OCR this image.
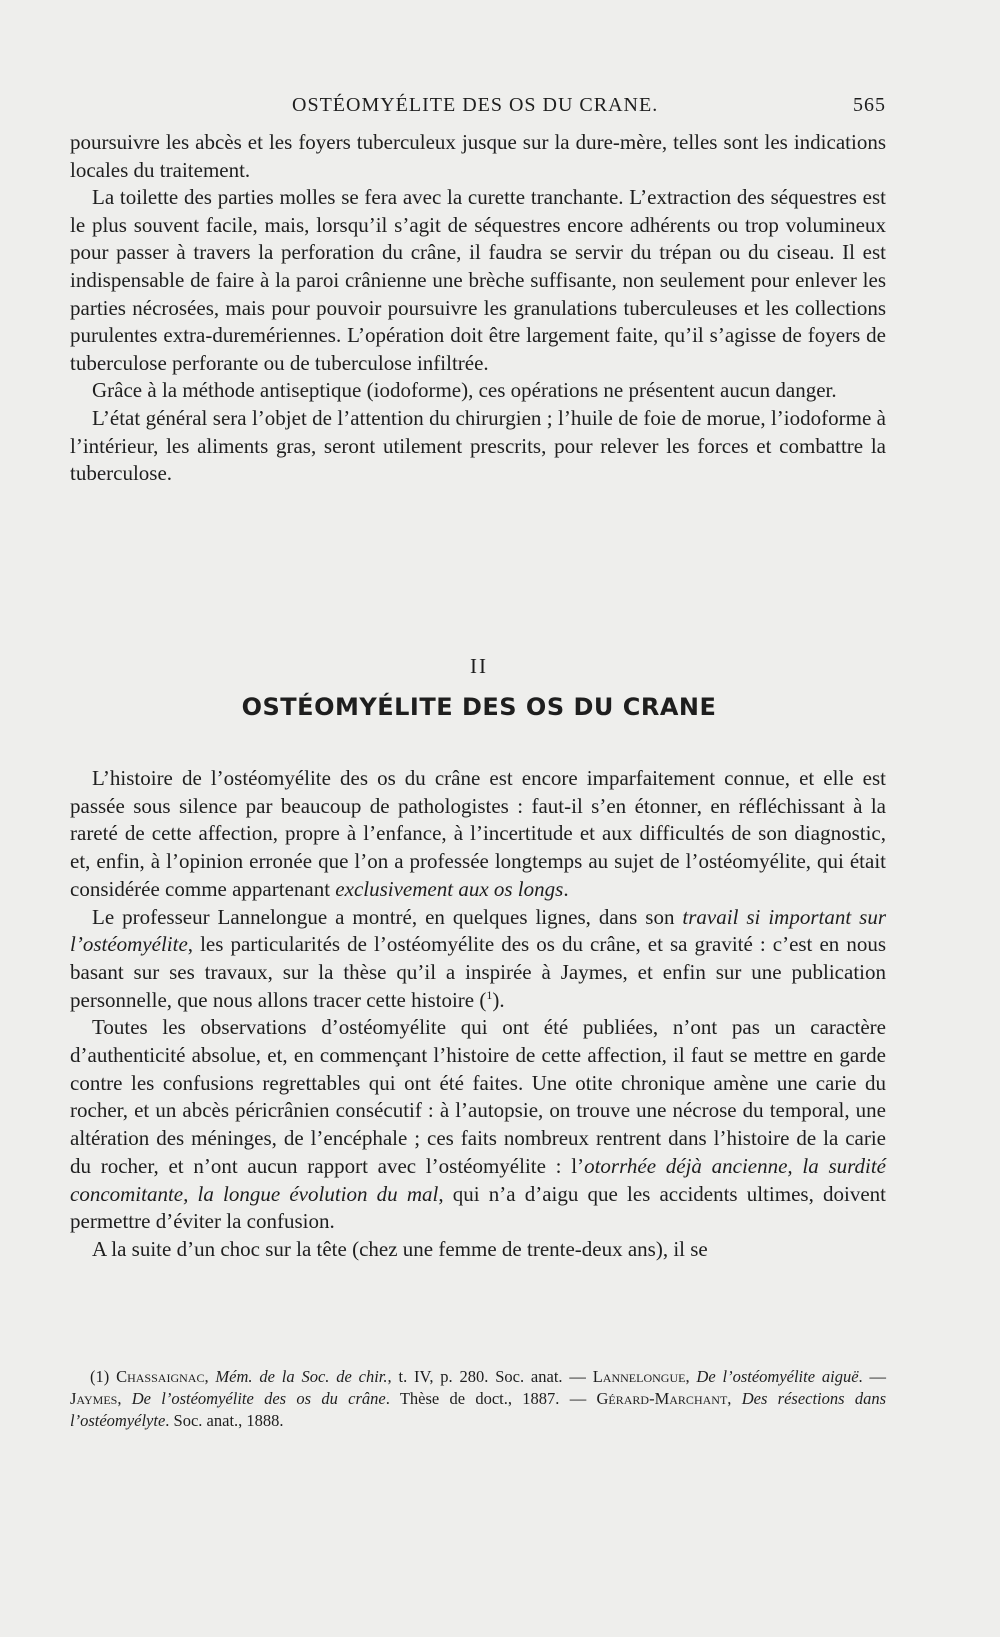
OSTÉOMYÉLITE DES OS DU CRANE.	565

poursuivre les abcès et les foyers tuberculeux jusque sur la dure-mère, telles sont les indications locales du traitement.

La toilette des parties molles se fera avec la curette tranchante. L’extraction des séquestres est le plus souvent facile, mais, lorsqu’il s’agit de séquestres encore adhérents ou trop volumineux pour passer à travers la perforation du crâne, il faudra se servir du trépan ou du ciseau. Il est indispensable de faire à la paroi crânienne une brèche suffisante, non seulement pour enlever les parties nécrosées, mais pour pouvoir poursuivre les granulations tuberculeuses et les collections purulentes extra-duremériennes. L’opération doit être largement faite, qu’il s’agisse de foyers de tuberculose perforante ou de tuberculose infiltrée.

Grâce à la méthode antiseptique (iodoforme), ces opérations ne présentent aucun danger.

L’état général sera l’objet de l’attention du chirurgien ; l’huile de foie de morue, l’iodoforme à l’intérieur, les aliments gras, seront utilement prescrits, pour relever les forces et combattre la tuberculose.

II
OSTÉOMYÉLITE DES OS DU CRANE

L’histoire de l’ostéomyélite des os du crâne est encore imparfaitement connue, et elle est passée sous silence par beaucoup de pathologistes : faut-il s’en étonner, en réfléchissant à la rareté de cette affection, propre à l’enfance, à l’incertitude et aux difficultés de son diagnostic, et, enfin, à l’opinion erronée que l’on a professée longtemps au sujet de l’ostéomyélite, qui était considérée comme appartenant exclusivement aux os longs.

Le professeur Lannelongue a montré, en quelques lignes, dans son travail si important sur l’ostéomyélite, les particularités de l’ostéomyélite des os du crâne, et sa gravité : c’est en nous basant sur ses travaux, sur la thèse qu’il a inspirée à Jaymes, et enfin sur une publication personnelle, que nous allons tracer cette histoire ($^1$).

Toutes les observations d’ostéomyélite qui ont été publiées, n’ont pas un caractère d’authenticité absolue, et, en commençant l’histoire de cette affection, il faut se mettre en garde contre les confusions regrettables qui ont été faites. Une otite chronique amène une carie du rocher, et un abcès péricrânien consécutif : à l’autopsie, on trouve une nécrose du temporal, une altération des méninges, de l’encéphale ; ces faits nombreux rentrent dans l’histoire de la carie du rocher, et n’ont aucun rapport avec l’ostéomyélite : l’otorrhée déjà ancienne, la surdité concomitante, la longue évolution du mal, qui n’a d’aigu que les accidents ultimes, doivent permettre d’éviter la confusion.

A la suite d’un choc sur la tête (chez une femme de trente-deux ans), il se

(1) Chassaignac, Mém. de la Soc. de chir., t. IV, p. 280. Soc. anat. — Lannelongue, De l’ostéomyélite aiguë. — Jaymes, De l’ostéomyélite des os du crâne. Thèse de doct., 1887. — Gérard-Marchant, Des résections dans l’ostéomyélyte. Soc. anat., 1888.
